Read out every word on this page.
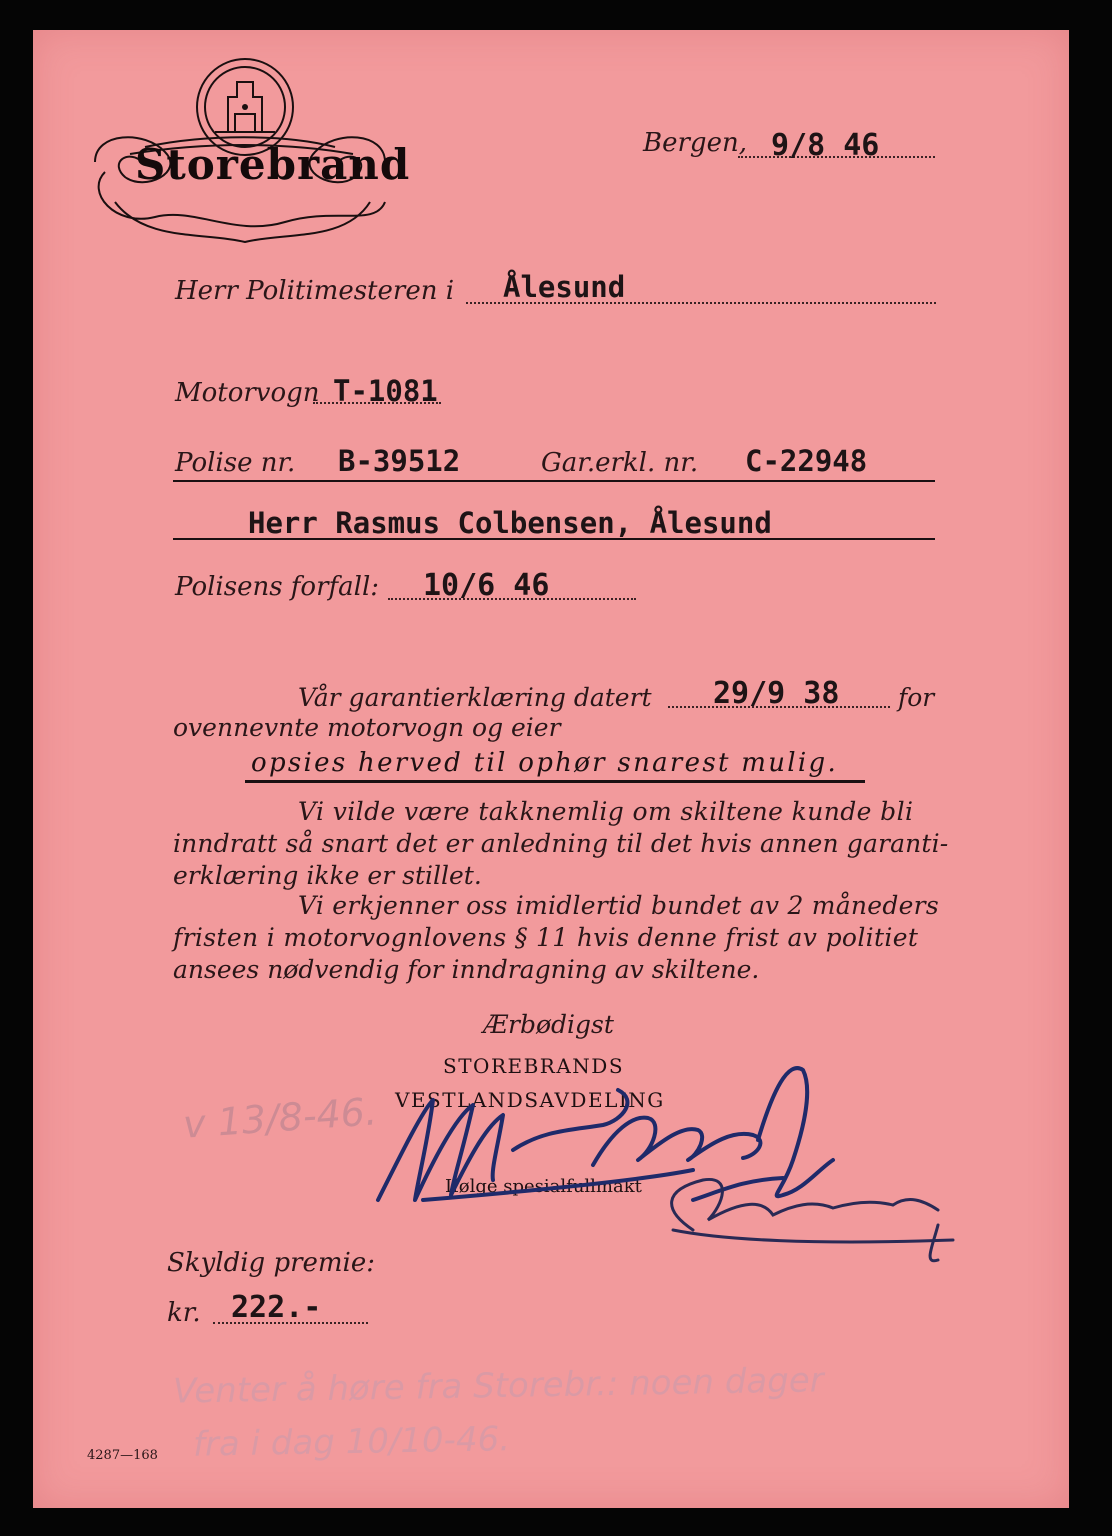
Storebrand	Bergen, 9/8 46
Herr Politimesteren i Ålesund
Motorvogn T-1081
Polise nr. B-39512	Gar.erkl. nr. C-22948
Herr Rasmus Colbensen, Ålesund
Polisens forfall: 10/6 46
Vår garantierklæring datert 29/9 38 for
ovennevnte motorvogn og eier
opsies herved til ophør snarest mulig.
Vi vilde være takknemlig om skiltene kunde bli
inndratt så snart det er anledning til det hvis annen garanti-
erklæring ikke er stillet.
Vi erkjenner oss imidlertid bundet av 2 måneders
fristen i motorvognlovens § 11 hvis denne frist av politiet
ansees nødvendig for inndragning av skiltene.
Ærbødigst
STOREBRANDS
VESTLANDSAVDELING
Ifølge spesialfullmakt
v 13/8-46.
Skyldig premie:
kr. 222.-
Venter å høre fra Storebr.: noen dager
fra i dag 10/10-46.
4287—168
